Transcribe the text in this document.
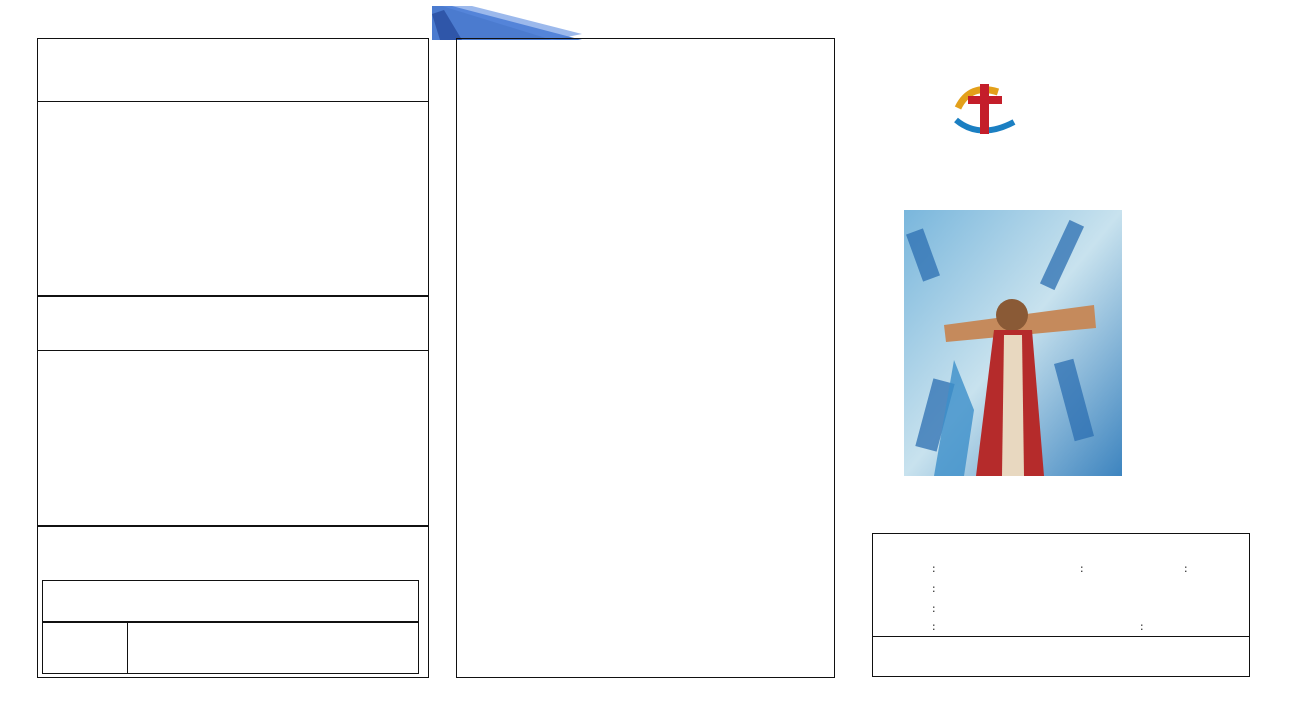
:	:	:
:
:
:	:
